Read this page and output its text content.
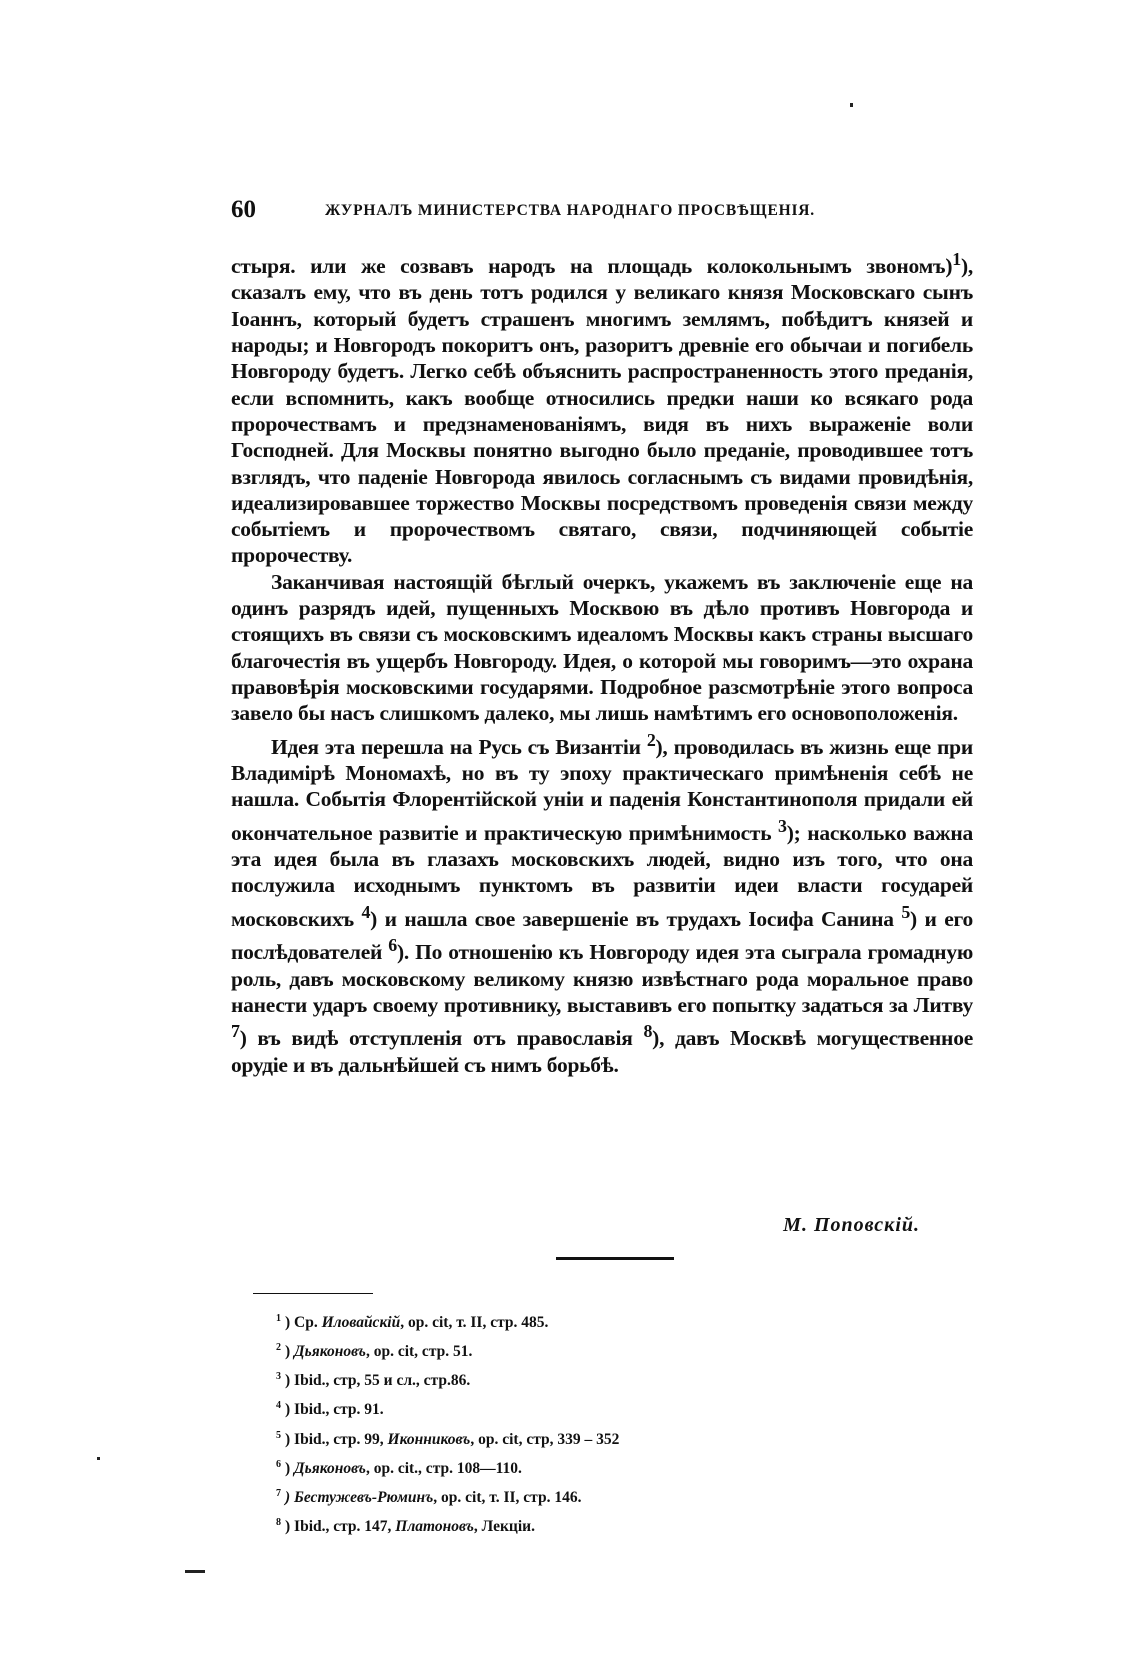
60	ЖУРНАЛЪ МИНИСТЕРСТВА НАРОДНАГО ПРОСВѢЩЕНІЯ.

стыря. или же созвавъ народъ на площадь колокольнымъ звономъ)$^1$), сказалъ ему, что въ день тотъ родился у великаго князя Московскаго сынъ Іоаннъ, который будетъ страшенъ многимъ землямъ, побѣдитъ князей и народы; и Новгородъ покоритъ онъ, разоритъ древніе его обычаи и погибель Новгороду будетъ. Легко себѣ объяснить распространенность этого преданія, если вспомнить, какъ вообще относились предки наши ко всякаго рода пророчествамъ и предзнаменованіямъ, видя въ нихъ выраженіе воли Господней. Для Москвы понятно выгодно было преданіе, проводившее тотъ взглядъ, что паденіе Новгорода явилось согласнымъ съ видами провидѣнія, идеализировавшее торжество Москвы посредствомъ проведенія связи между событіемъ и пророчествомъ святаго, связи, подчиняющей событіе пророчеству.

Заканчивая настоящій бѣглый очеркъ, укажемъ въ заключеніе еще на одинъ разрядъ идей, пущенныхъ Москвою въ дѣло противъ Новгорода и стоящихъ въ связи съ московскимъ идеаломъ Москвы какъ страны высшаго благочестія въ ущербъ Новгороду. Идея, о которой мы говоримъ—это охрана правовѣрія московскими государями. Подробное разсмотрѣніе этого вопроса завело бы насъ слишкомъ далеко, мы лишь намѣтимъ его основоположенія.

Идея эта перешла на Русь съ Византіи $^2$), проводилась въ жизнь еще при Владимірѣ Мономахѣ, но въ ту эпоху практическаго примѣненія себѣ не нашла. Событія Флорентійской уніи и паденія Константинополя придали ей окончательное развитіе и практическую примѣнимость $^3$); насколько важна эта идея была въ глазахъ московскихъ людей, видно изъ того, что она послужила исходнымъ пунктомъ въ развитіи идеи власти государей московскихъ $^4$) и нашла свое завершеніе въ трудахъ Іосифа Санина $^5$) и его послѣдователей $^6$). По отношенію къ Новгороду идея эта сыграла громадную роль, давъ московскому великому князю извѣстнаго рода моральное право нанести ударъ своему противнику, выставивъ его попытку задаться за Литву $^7$) въ видѣ отступленія отъ православія $^8$), давъ Москвѣ могущественное орудіе и въ дальнѣйшей съ нимъ борьбѣ.

М. Поповскій.
$^1$ ) Ср. Иловайскій, op. cit, т. II, стр. 485.
$^2$ ) Дьяконовъ, op. cit, стр. 51.
$^3$ ) Ibid., стр, 55 и сл., стр.86.
$^4$ ) Ibid., стр. 91.
$^5$ ) Ibid., стр. 99, Иконниковъ, op. cit, стр, 339 – 352
$^6$ ) Дьяконовъ, op. cit., стр. 108—110.
$^7$ ) Бестужевъ-Рюминъ, op. cit, т. II, стр. 146.
$^8$ ) Ibid., стр. 147, Платоновъ, Лекціи.
